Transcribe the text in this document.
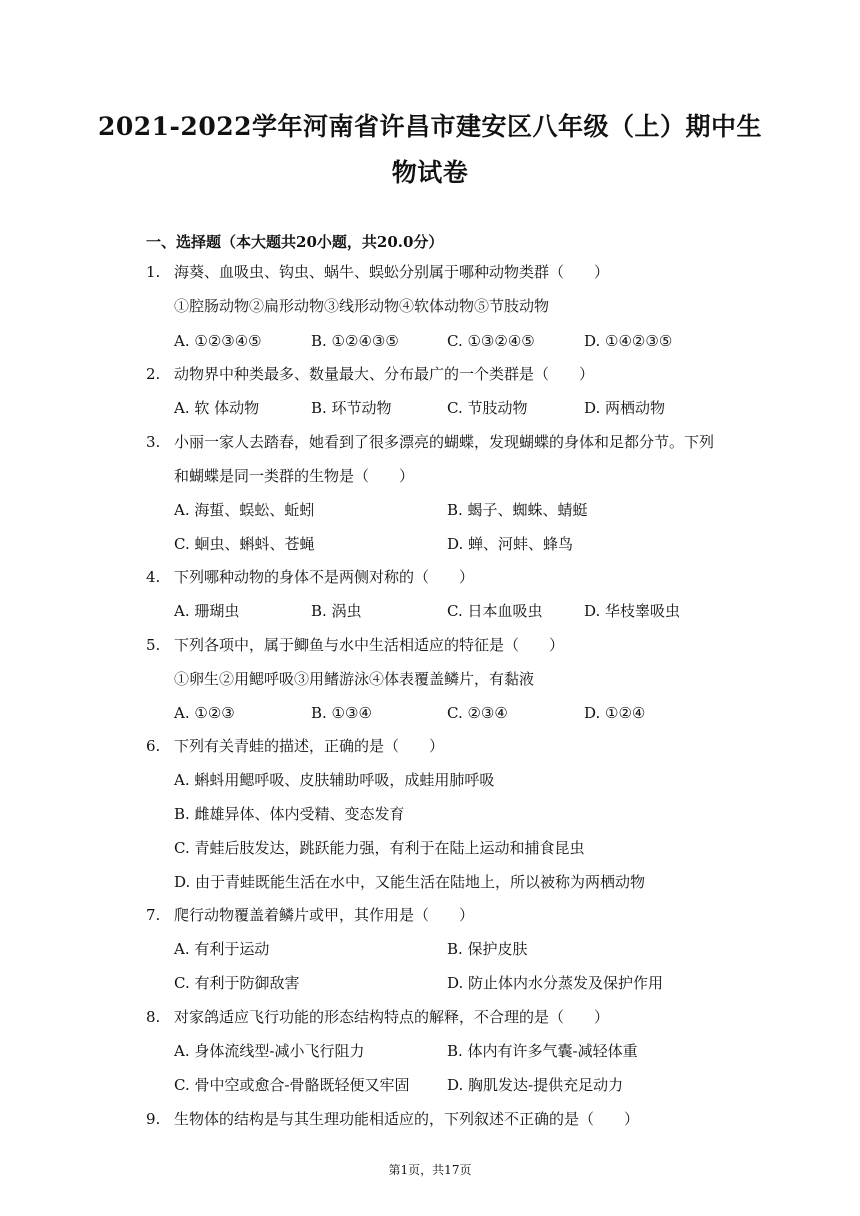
2021-2022学年河南省许昌市建安区八年级（上）期中生
物试卷
一、选择题（本大题共20小题，共20.0分）
1. 海葵、血吸虫、钩虫、蜗牛、蜈蚣分别属于哪种动物类群（　　）
①腔肠动物②扁形动物③线形动物④软体动物⑤节肢动物
A. ①②③④⑤	B. ①②④③⑤	C. ①③②④⑤	D. ①④②③⑤
2. 动物界中种类最多、数量最大、分布最广的一个类群是（　　）
A. 软 体动物	B. 环节动物	C. 节肢动物	D. 两栖动物
3. 小丽一家人去踏春，她看到了很多漂亮的蝴蝶，发现蝴蝶的身体和足都分节。下列
和蝴蝶是同一类群的生物是（　　）
A. 海蜇、蜈蚣、蚯蚓	B. 蝎子、蜘蛛、蜻蜓
C. 蛔虫、蝌蚪、苍蝇	D. 蝉、河蚌、蜂鸟
4. 下列哪种动物的身体不是两侧对称的（　　）
A. 珊瑚虫	B. 涡虫	C. 日本血吸虫	D. 华枝睾吸虫
5. 下列各项中，属于鲫鱼与水中生活相适应的特征是（　　）
①卵生②用鳃呼吸③用鳍游泳④体表覆盖鳞片，有黏液
A. ①②③	B. ①③④	C. ②③④	D. ①②④
6. 下列有关青蛙的描述，正确的是（　　）
A. 蝌蚪用鳃呼吸、皮肤辅助呼吸，成蛙用肺呼吸
B. 雌雄异体、体内受精、变态发育
C. 青蛙后肢发达，跳跃能力强，有利于在陆上运动和捕食昆虫
D. 由于青蛙既能生活在水中，又能生活在陆地上，所以被称为两栖动物
7. 爬行动物覆盖着鳞片或甲，其作用是（　　）
A. 有利于运动	B. 保护皮肤
C. 有利于防御敌害	D. 防止体内水分蒸发及保护作用
8. 对家鸽适应飞行功能的形态结构特点的解释，不合理的是（　　）
A. 身体流线型-减小飞行阻力	B. 体内有许多气囊-减轻体重
C. 骨中空或愈合-骨骼既轻便又牢固 D. 胸肌发达-提供充足动力
9. 生物体的结构是与其生理功能相适应的，下列叙述不正确的是（　　）
第1页，共17页
